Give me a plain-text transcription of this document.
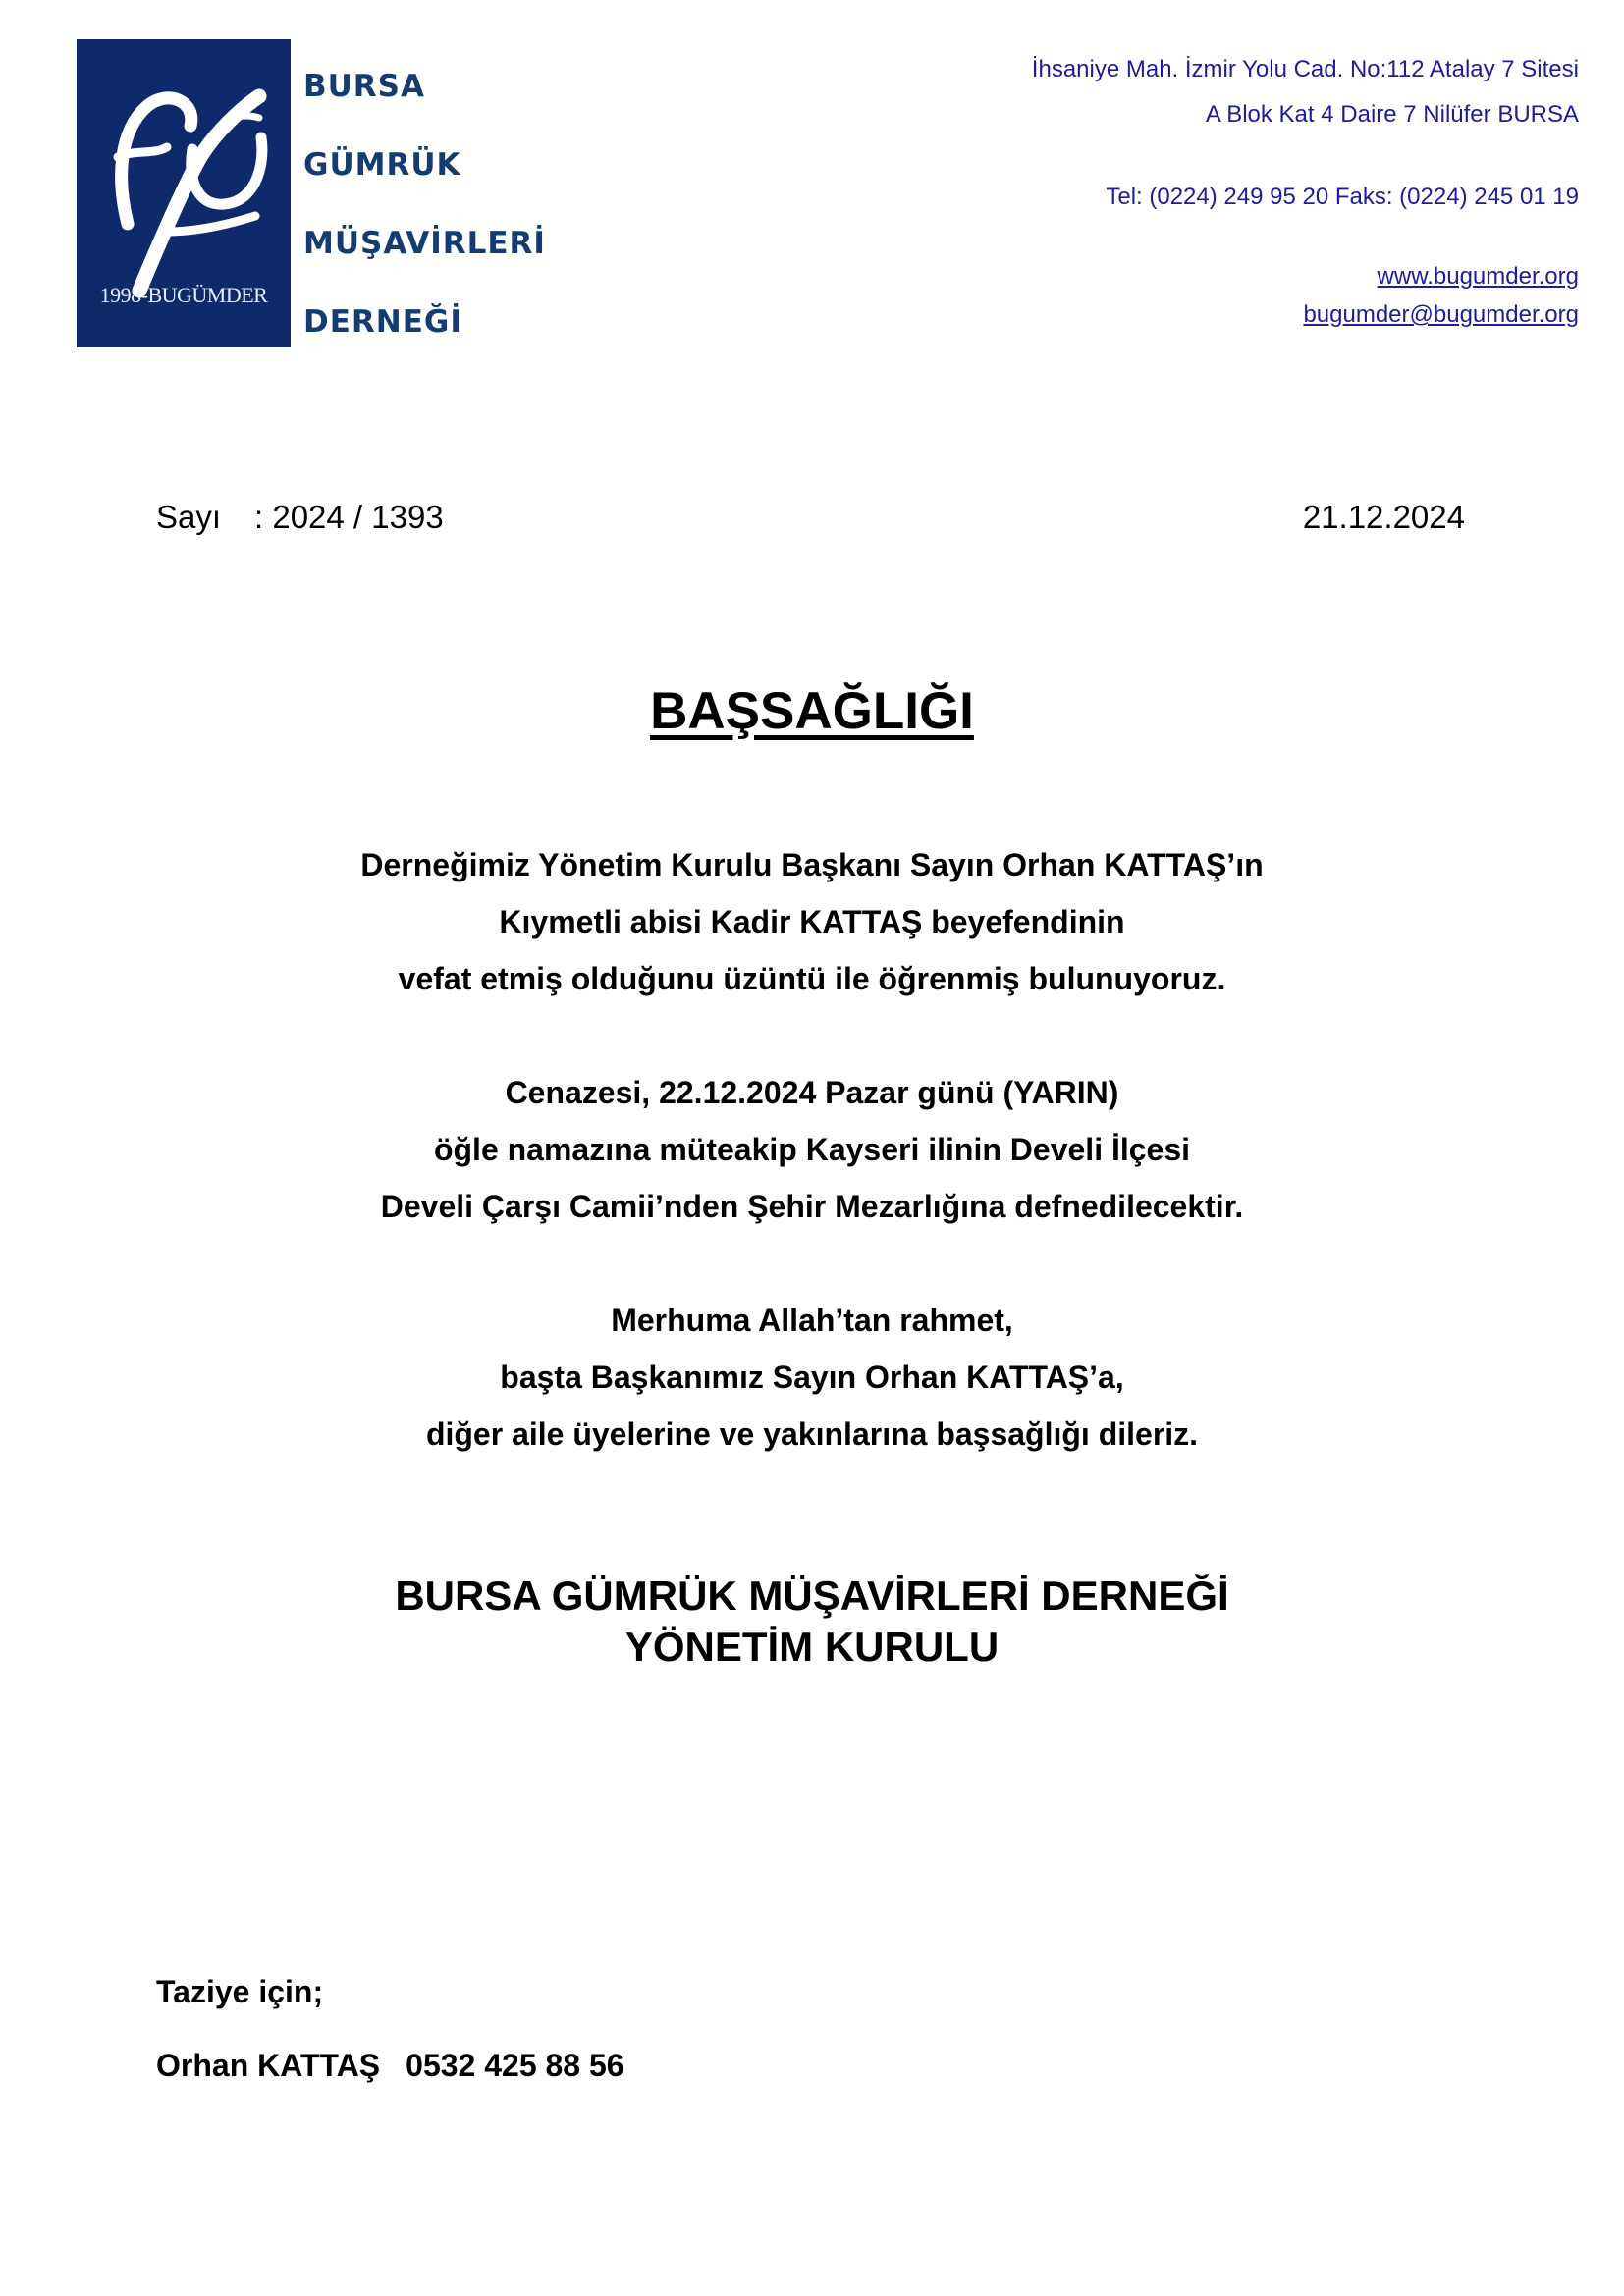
1998-BUGÜMDER
BURSA
GÜMRÜK
MÜŞAVİRLERİ
DERNEĞİ
İhsaniye Mah. İzmir Yolu Cad. No:112 Atalay 7 Sitesi
A Blok Kat 4 Daire 7 Nilüfer BURSA
Tel: (0224) 249 95 20 Faks: (0224) 245 01 19
www.bugumder.org
bugumder@bugumder.org
Sayı : 2024 / 1393	21.12.2024
BAŞSAĞLIĞI
Derneğimiz Yönetim Kurulu Başkanı Sayın Orhan KATTAŞ’ın
Kıymetli abisi Kadir KATTAŞ beyefendinin
vefat etmiş olduğunu üzüntü ile öğrenmiş bulunuyoruz.
Cenazesi, 22.12.2024 Pazar günü (YARIN)
öğle namazına müteakip Kayseri ilinin Develi İlçesi
Develi Çarşı Camii’nden Şehir Mezarlığına defnedilecektir.
Merhuma Allah’tan rahmet,
başta Başkanımız Sayın Orhan KATTAŞ’a,
diğer aile üyelerine ve yakınlarına başsağlığı dileriz.
BURSA GÜMRÜK MÜŞAVİRLERİ DERNEĞİ
YÖNETİM KURULU
Taziye için;
Orhan KATTAŞ 0532 425 88 56
